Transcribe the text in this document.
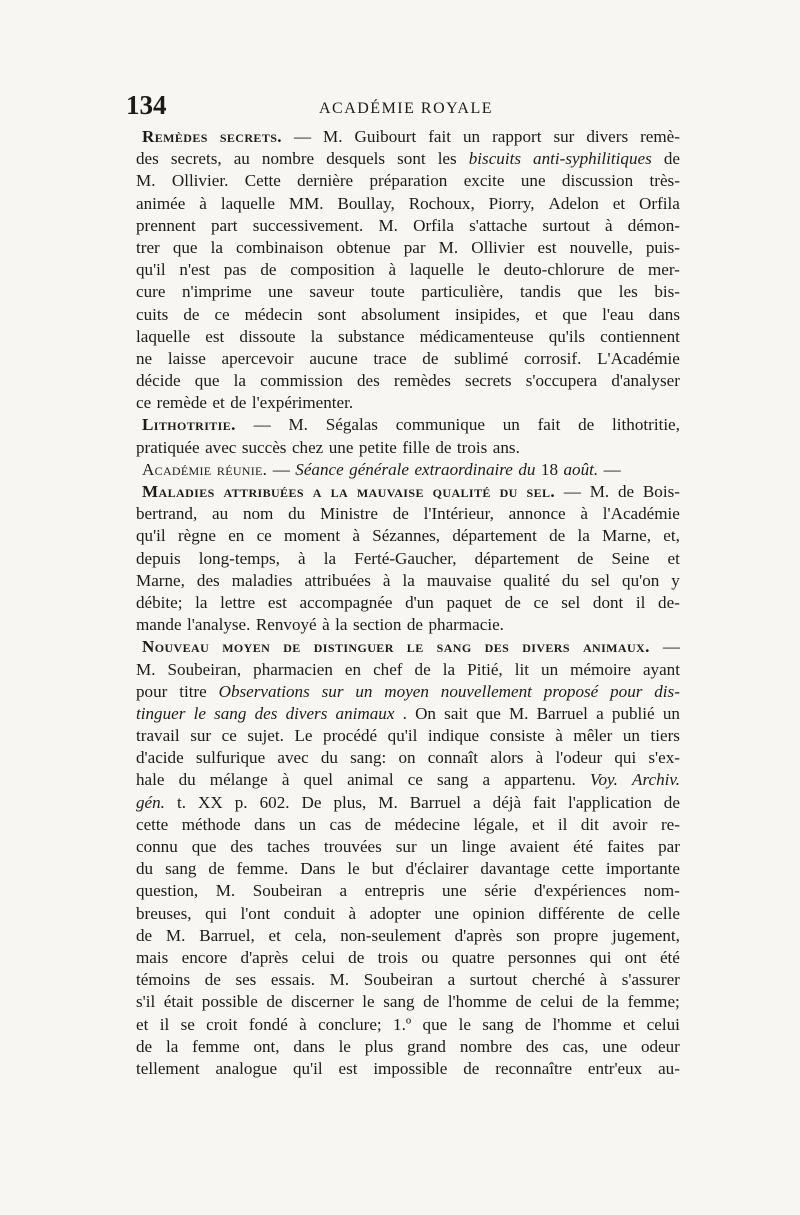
134	ACADÉMIE ROYALE
Remèdes secrets. — M. Guibourt fait un rapport sur divers remè-
des secrets, au nombre desquels sont les biscuits anti-syphilitiques de
M. Ollivier. Cette dernière préparation excite une discussion très-
animée à laquelle MM. Boullay, Rochoux, Piorry, Adelon et Orfila
prennent part successivement. M. Orfila s'attache surtout à démon-
trer que la combinaison obtenue par M. Ollivier est nouvelle, puis-
qu'il n'est pas de composition à laquelle le deuto-chlorure de mer-
cure n'imprime une saveur toute particulière, tandis que les bis-
cuits de ce médecin sont absolument insipides, et que l'eau dans
laquelle est dissoute la substance médicamenteuse qu'ils contiennent
ne laisse apercevoir aucune trace de sublimé corrosif. L'Académie
décide que la commission des remèdes secrets s'occupera d'analyser
ce remède et de l'expérimenter.
Lithotritie. — M. Ségalas communique un fait de lithotritie,
pratiquée avec succès chez une petite fille de trois ans.
Académie réunie. — Séance générale extraordinaire du 18 août. —
Maladies attribuées a la mauvaise qualité du sel. — M. de Bois-
bertrand, au nom du Ministre de l'Intérieur, annonce à l'Académie
qu'il règne en ce moment à Sézannes, département de la Marne, et,
depuis long-temps, à la Ferté-Gaucher, département de Seine et
Marne, des maladies attribuées à la mauvaise qualité du sel qu'on y
débite; la lettre est accompagnée d'un paquet de ce sel dont il de-
mande l'analyse. Renvoyé à la section de pharmacie.
Nouveau moyen de distinguer le sang des divers animaux. —
M. Soubeiran, pharmacien en chef de la Pitié, lit un mémoire ayant
pour titre Observations sur un moyen nouvellement proposé pour dis-
tinguer le sang des divers animaux . On sait que M. Barruel a publié un
travail sur ce sujet. Le procédé qu'il indique consiste à mêler un tiers
d'acide sulfurique avec du sang: on connaît alors à l'odeur qui s'ex-
hale du mélange à quel animal ce sang a appartenu. Voy. Archiv.
gén. t. XX p. 602. De plus, M. Barruel a déjà fait l'application de
cette méthode dans un cas de médecine légale, et il dit avoir re-
connu que des taches trouvées sur un linge avaient été faites par
du sang de femme. Dans le but d'éclairer davantage cette importante
question, M. Soubeiran a entrepris une série d'expériences nom-
breuses, qui l'ont conduit à adopter une opinion différente de celle
de M. Barruel, et cela, non-seulement d'après son propre jugement,
mais encore d'après celui de trois ou quatre personnes qui ont été
témoins de ses essais. M. Soubeiran a surtout cherché à s'assurer
s'il était possible de discerner le sang de l'homme de celui de la femme;
et il se croit fondé à conclure; 1.º que le sang de l'homme et celui
de la femme ont, dans le plus grand nombre des cas, une odeur
tellement analogue qu'il est impossible de reconnaître entr'eux au-
